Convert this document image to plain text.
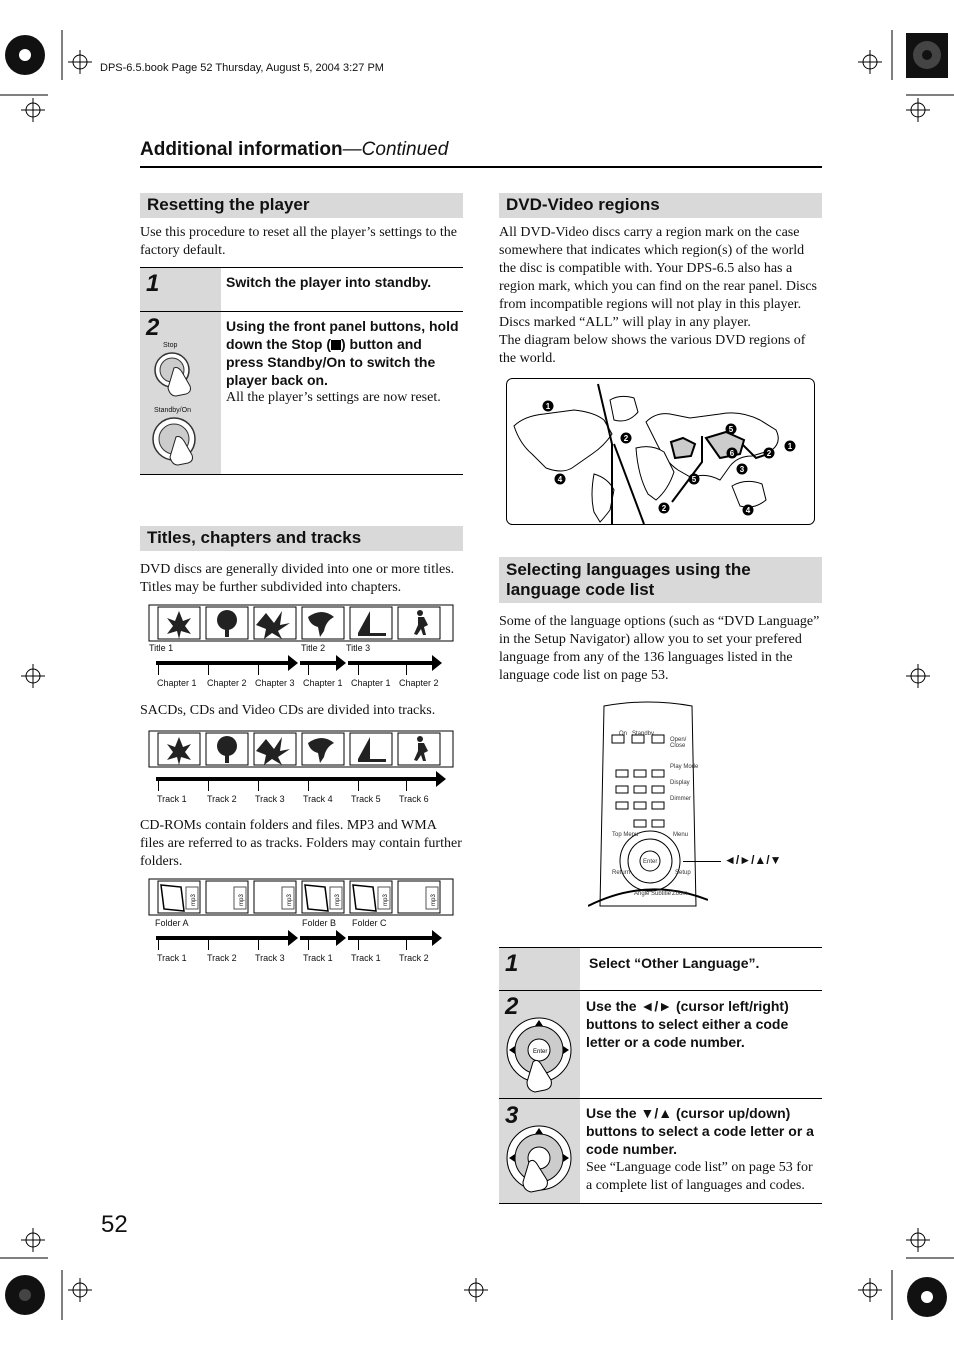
DPS-6.5.book Page 52 Thursday, August 5, 2004 3:27 PM
Additional information—Continued
Resetting the player
Use this procedure to reset all the player’s settings to the factory default.
1	Switch the player into standby.
2
Stop
Standby/On
Using the front panel buttons, hold down the Stop ( ) button and press Standby/On to switch the player back on.
All the player’s settings are now reset.
Titles, chapters and tracks
DVD discs are generally divided into one or more titles. Titles may be further subdivided into chapters.
Title 1	Title 2 Title 3
Chapter 1 Chapter 2 Chapter 3 Chapter 1 Chapter 1 Chapter 2
SACDs, CDs and Video CDs are divided into tracks.
Track 1 Track 2 Track 3 Track 4 Track 5 Track 6
CD-ROMs contain folders and files. MP3 and WMA files are referred to as tracks. Folders may contain further folders.
mp3	mp3	mp3	mp3	mp3	mp3
Folder A	Folder B Folder C
Track 1 Track 2 Track 3 Track 1 Track 1 Track 2
DVD-Video regions
All DVD-Video discs carry a region mark on the case somewhere that indicates which region(s) of the world the disc is compatible with. Your DPS-6.5 also has a region mark, which you can find on the rear panel. Discs from incompatible regions will not play in this player. Discs marked “ALL” will play in any player.
The diagram below shows the various DVD regions of the world.
1
2
5
1
2
6
3
4	5
2	4
Selecting languages using the
language code list
Some of the language options (such as “DVD Language” in the Setup Navigator) allow you to set your prefered language from any of the 136 languages listed in the language code list on page 53.
On Standby
Open/ Close
Play Mode
Display
Dimmer
Top Menu	Menu
Return	Setup
Enter
Angle Subtitle Zoom
◄/►/▲/▼
1	Select “Other Language”.
2
Enter
Use the ◄/► (cursor left/right) buttons to select either a code letter or a code number.
3	Use the ▼/▲ (cursor up/down) buttons to select a code letter or a code number.
See “Language code list” on page 53 for a complete list of languages and codes.
52
